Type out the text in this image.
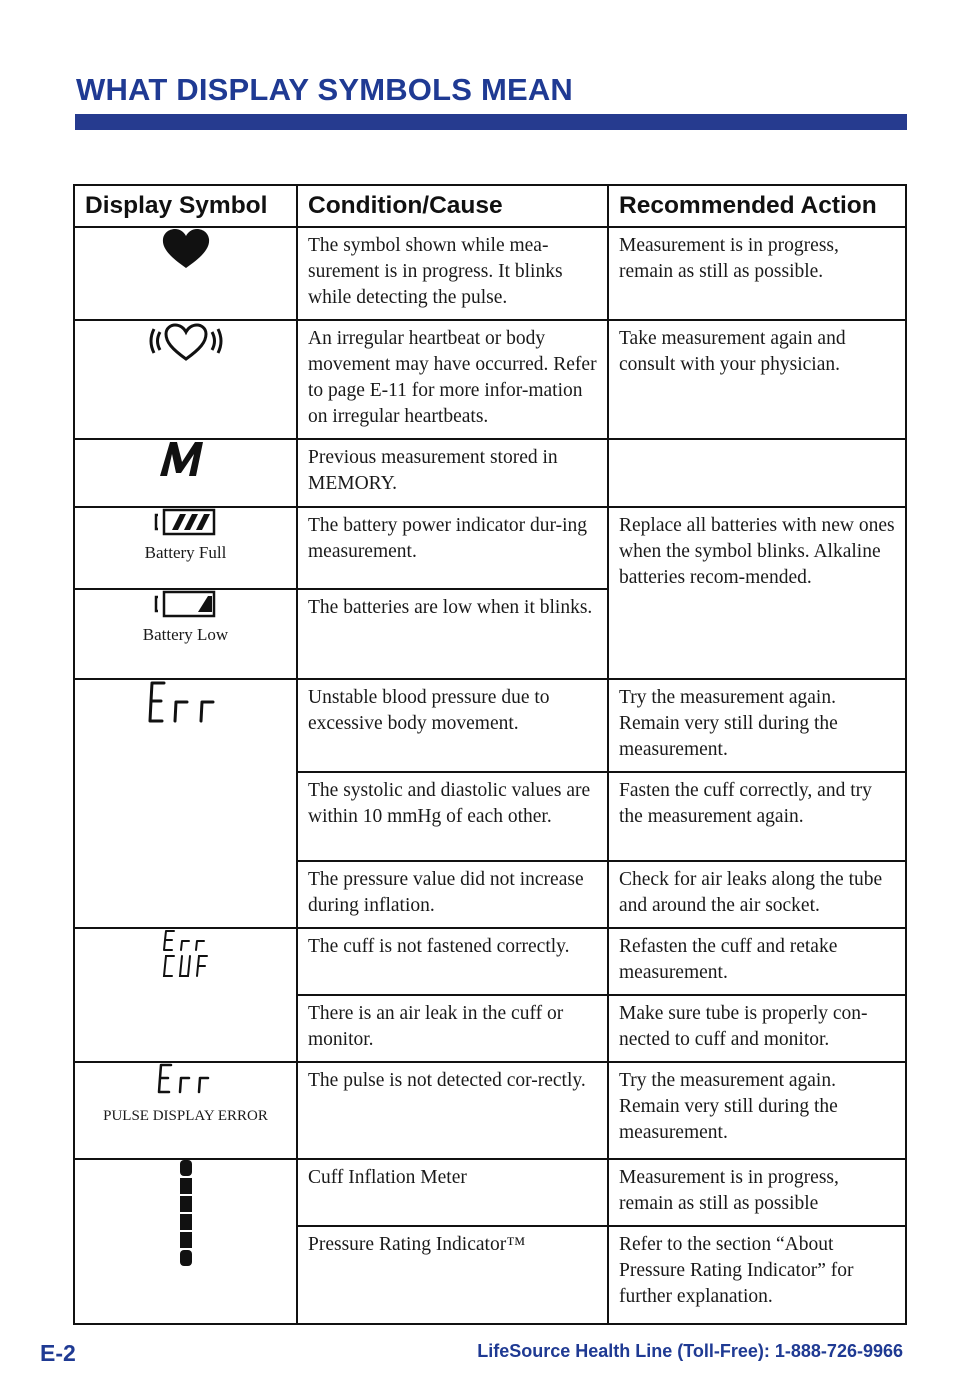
WHAT DISPLAY SYMBOLS MEAN
Display Symbol	Condition/Cause	Recommended Action
	The symbol shown while mea-surement is in progress. It blinks while detecting the pulse.	Measurement is in progress, remain as still as possible.
	An irregular heartbeat or body movement may have occurred. Refer to page E-11 for more infor-mation on irregular heartbeats.	Take measurement again and consult with your physician.
	Previous measurement stored in MEMORY.	

Battery Full	The battery power indicator dur-ing measurement.	Replace all batteries with new ones when the symbol blinks. Alkaline batteries recom-mended.

Battery Low	The batteries are low when it blinks.	
	Unstable blood pressure due to excessive body movement.	Try the measurement again. Remain very still during the measurement.
	The systolic and diastolic values are within 10 mmHg of each other.	Fasten the cuff correctly, and try the measurement again.
	The pressure value did not increase during inflation.	Check for air leaks along the tube and around the air socket.
	The cuff is not fastened correctly.	Refasten the cuff and retake measurement.
	There is an air leak in the cuff or monitor.	Make sure tube is properly con-nected to cuff and monitor.

PULSE DISPLAY ERROR	The pulse is not detected cor-rectly.	Try the measurement again. Remain very still during the measurement.
	Cuff Inflation Meter	Measurement is in progress, remain as still as possible
	Pressure Rating Indicator™	Refer to the section “About Pressure Rating Indicator” for further explanation.
E-2	LifeSource Health Line (Toll-Free): 1-888-726-9966
